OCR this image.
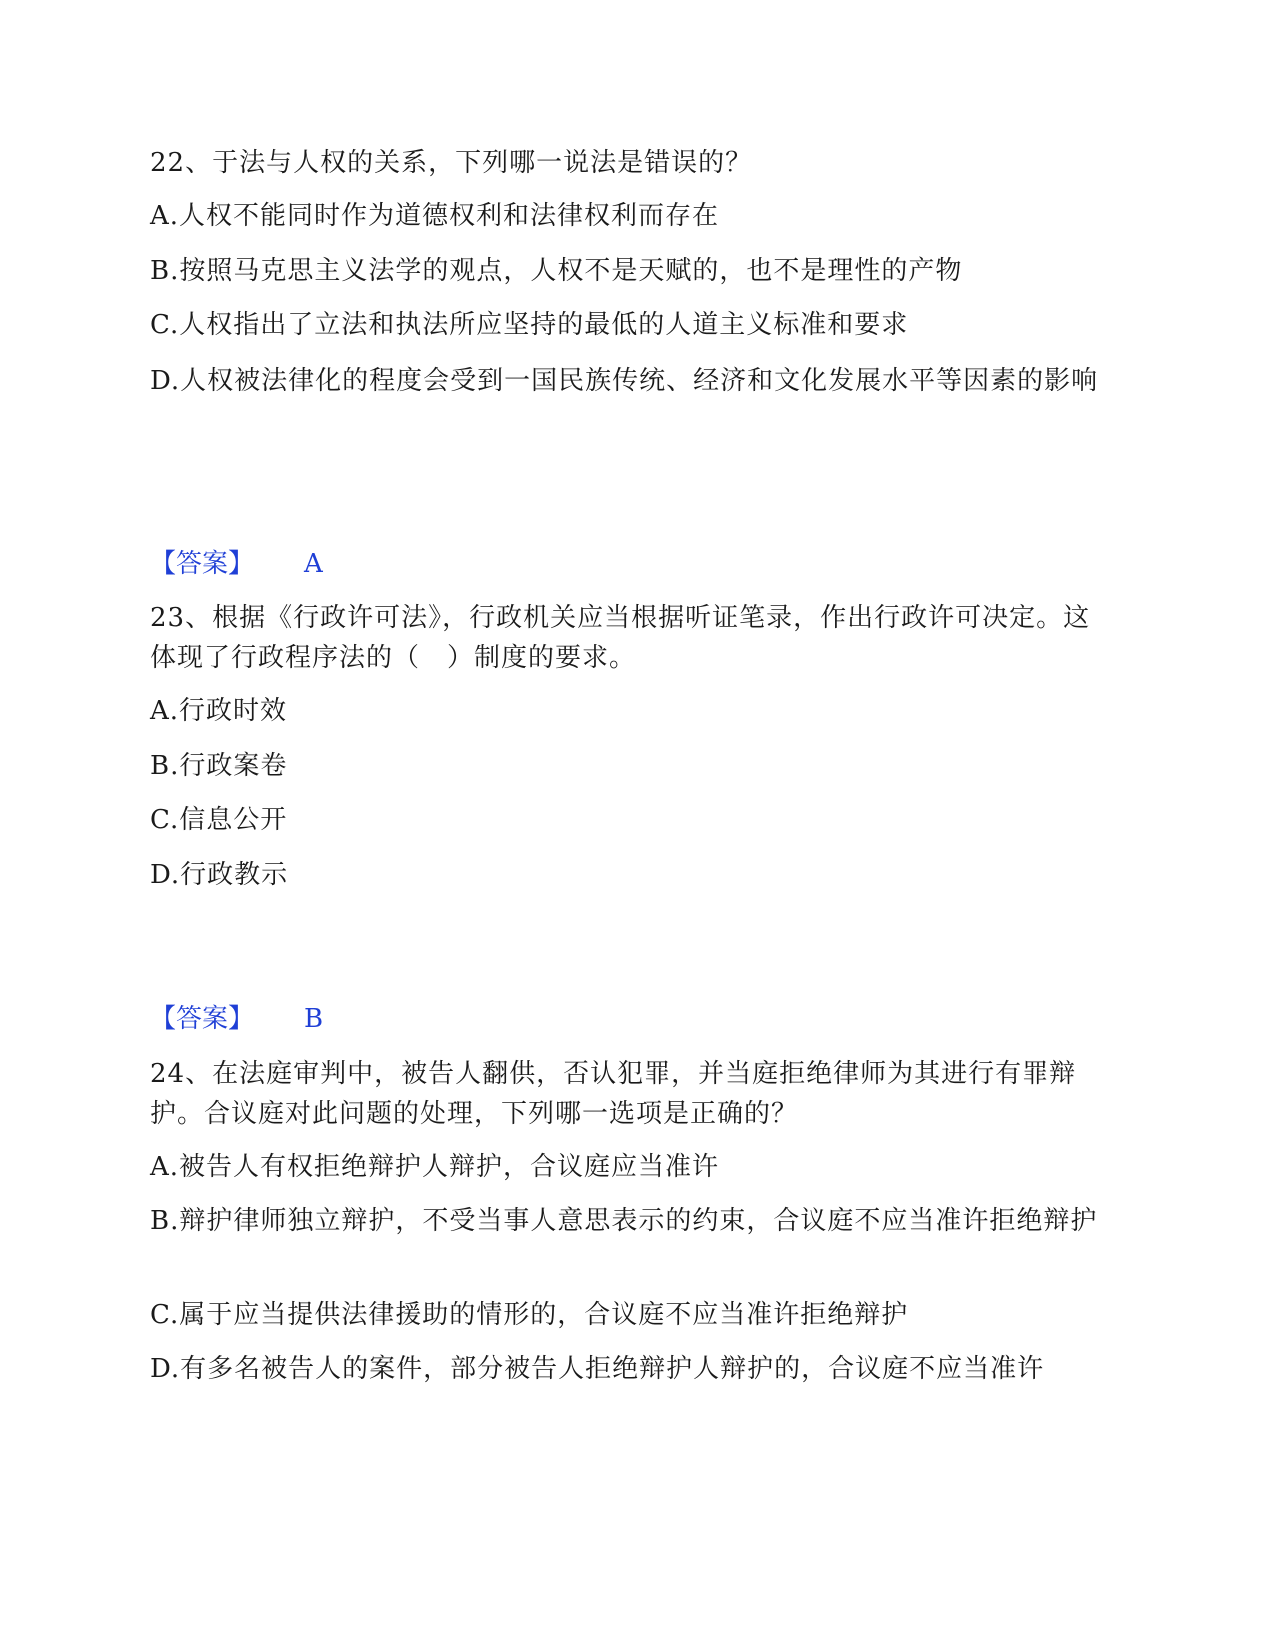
22、于法与人权的关系，下列哪一说法是错误的？
A.人权不能同时作为道德权利和法律权利而存在
B.按照马克思主义法学的观点，人权不是天赋的，也不是理性的产物
C.人权指出了立法和执法所应坚持的最低的人道主义标准和要求
D.人权被法律化的程度会受到一国民族传统、经济和文化发展水平等因素的影响
【答案】 A
23、根据《行政许可法》，行政机关应当根据听证笔录，作出行政许可决定。这体现了行政程序法的（　）制度的要求。
A.行政时效
B.行政案卷
C.信息公开
D.行政教示
【答案】 B
24、在法庭审判中，被告人翻供，否认犯罪，并当庭拒绝律师为其进行有罪辩护。合议庭对此问题的处理，下列哪一选项是正确的？
A.被告人有权拒绝辩护人辩护，合议庭应当准许
B.辩护律师独立辩护，不受当事人意思表示的约束，合议庭不应当准许拒绝辩护
C.属于应当提供法律援助的情形的，合议庭不应当准许拒绝辩护
D.有多名被告人的案件，部分被告人拒绝辩护人辩护的，合议庭不应当准许
